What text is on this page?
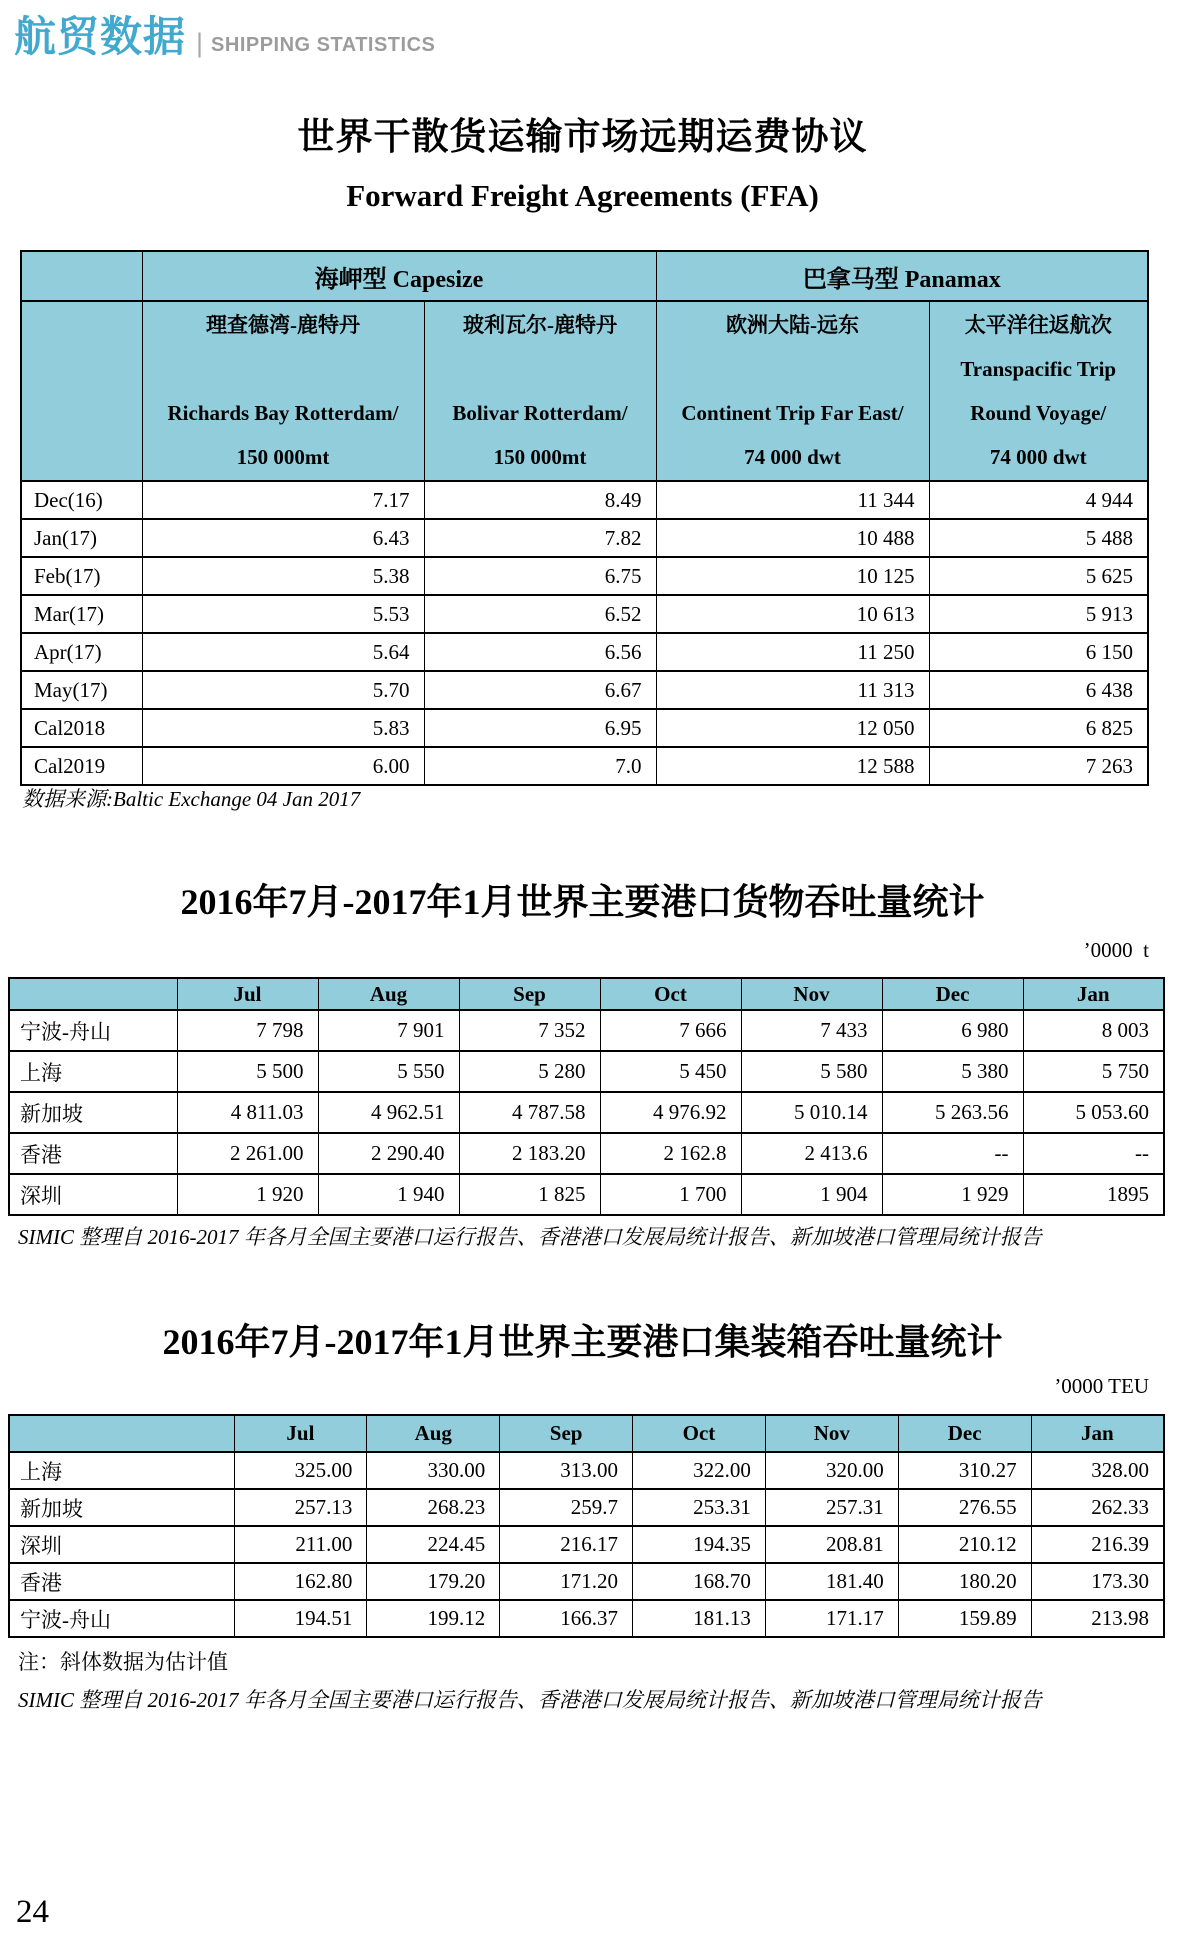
航贸数据 | SHIPPING STATISTICS
世界干散货运输市场远期运费协议
Forward Freight Agreements (FFA)
	海岬型 Capesize		巴拿马型 Panamax	
	理查德湾-鹿特丹

Richards Bay Rotterdam/
150 000mt	玻利瓦尔-鹿特丹

Bolivar Rotterdam/
150 000mt	欧洲大陆-远东

Continent Trip Far East/
74 000 dwt	太平洋往返航次
Transpacific Trip
Round Voyage/
74 000 dwt
Dec(16)	7.17	8.49	11 344	4 944
Jan(17)	6.43	7.82	10 488	5 488
Feb(17)	5.38	6.75	10 125	5 625
Mar(17)	5.53	6.52	10 613	5 913
Apr(17)	5.64	6.56	11 250	6 150
May(17)	5.70	6.67	11 313	6 438
Cal2018	5.83	6.95	12 050	6 825
Cal2019	6.00	7.0	12 588	7 263

数据来源:Baltic Exchange 04 Jan 2017

2016年7月-2017年1月世界主要港口货物吞吐量统计
’0000  t
	Jul	Aug	Sep	Oct	Nov	Dec	Jan
宁波-舟山	7 798	7 901	7 352	7 666	7 433	6 980	8 003
上海	5 500	5 550	5 280	5 450	5 580	5 380	5 750
新加坡	4 811.03	4 962.51	4 787.58	4 976.92	5 010.14	5 263.56	5 053.60
香港	2 261.00	2 290.40	2 183.20	2 162.8	2 413.6	--	--
深圳	1 920	1 940	1 825	1 700	1 904	1 929	1895

SIMIC 整理自 2016-2017 年各月全国主要港口运行报告、香港港口发展局统计报告、新加坡港口管理局统计报告

2016年7月-2017年1月世界主要港口集装箱吞吐量统计
’0000 TEU
	Jul	Aug	Sep	Oct	Nov	Dec	Jan
上海	325.00	330.00	313.00	322.00	320.00	310.27	328.00
新加坡	257.13	268.23	259.7	253.31	257.31	276.55	262.33
深圳	211.00	224.45	216.17	194.35	208.81	210.12	216.39
香港	162.80	179.20	171.20	168.70	181.40	180.20	173.30
宁波-舟山	194.51	199.12	166.37	181.13	171.17	159.89	213.98

注：斜体数据为估计值

SIMIC 整理自 2016-2017 年各月全国主要港口运行报告、香港港口发展局统计报告、新加坡港口管理局统计报告

24
